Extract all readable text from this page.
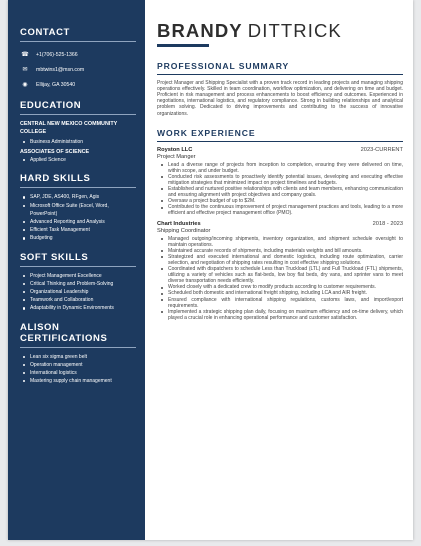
CONTACT
☎ +1(706)-525-1366
✉	mbtwins1@msn.com
◉	Ellijay, GA 30540
EDUCATION
CENTRAL NEW MEXICO COMMUNITY COLLEGE
Business Administration
ASSOCIATES OF SCIENCE
Applied Science
HARD SKILLS
SAP, JDE, AS400, RFgen, Agis
Microsoft Office Suite (Excel, Word, PowerPoint)
Advanced Reporting and Analysis
Efficient Task Management
Budgeting
SOFT SKILLS
Project Management Excellence
Critical Thinking and Problem-Solving
Organizational Leadership
Teamwork and Collaboration
Adaptability in Dynamic Environments
ALISON CERTIFICATIONS
Lean six sigma green belt
Operation management
International logistics
Mastering supply chain management
BRANDY DITTRICK
PROFESSIONAL SUMMARY

Project Manager and Shipping Specialist with a proven track record in leading projects and managing shipping operations effectively. Skilled in team coordination, workflow optimization, and delivering on time and budget. Proficient in risk management and process enhancements to boost efficiency and outcomes. Experienced in negotiations, international logistics, and regulatory compliance. Strong in building relationships and analytical problem solving. Dedicated to driving improvements and contributing to the success of innovative organizations.

WORK EXPERIENCE
Royston LLC	2023-CURRENT
Project Manger
Lead a diverse range of projects from inception to completion, ensuring they were delivered on time, within scope, and under budget.
Conducted risk assessments to proactively identify potential issues, developing and executing effective mitigation strategies that minimized impact on project timelines and budgets.
Established and nurtured positive relationships with clients and team members, enhancing communication and ensuring alignment with project objectives and company goals.
Oversaw a project budget of up to $2M.
Contributed to the continuous improvement of project management practices and tools, leading to a more efficient and effective project management office (PMO).
Chart Industries	2018 - 2023
Shipping Coordinator
Managed outgoing/incoming shipments, inventory organization, and shipment schedule oversight to maintain operations.
Maintained accurate records of shipments, including materials weights and bill amounts.
Strategized and executed international and domestic logistics, including route optimization, carrier selection, and negotiation of shipping rates resulting in cost effective shipping solutions.
Coordinated with dispatchers to schedule Less than Truckload (LTL) and Full Truckload (FTL) shipments, utilizing a variety of vehicles such as flat-beds, low boy flat beds, dry vans, and sprinter vans to meet diverse transportation needs efficiently.
Worked closely with a dedicated crew to modify products according to customer requirements.
Scheduled both domestic and international freight shipping, including LCA and AIR freight.
Ensured compliance with international shipping regulations, customs laws, and import/export requirements.
Implemented a strategic shipping plan daily, focusing on maximum efficiency and on-time delivery, which played a crucial role in enhancing operational performance and customer satisfaction.
